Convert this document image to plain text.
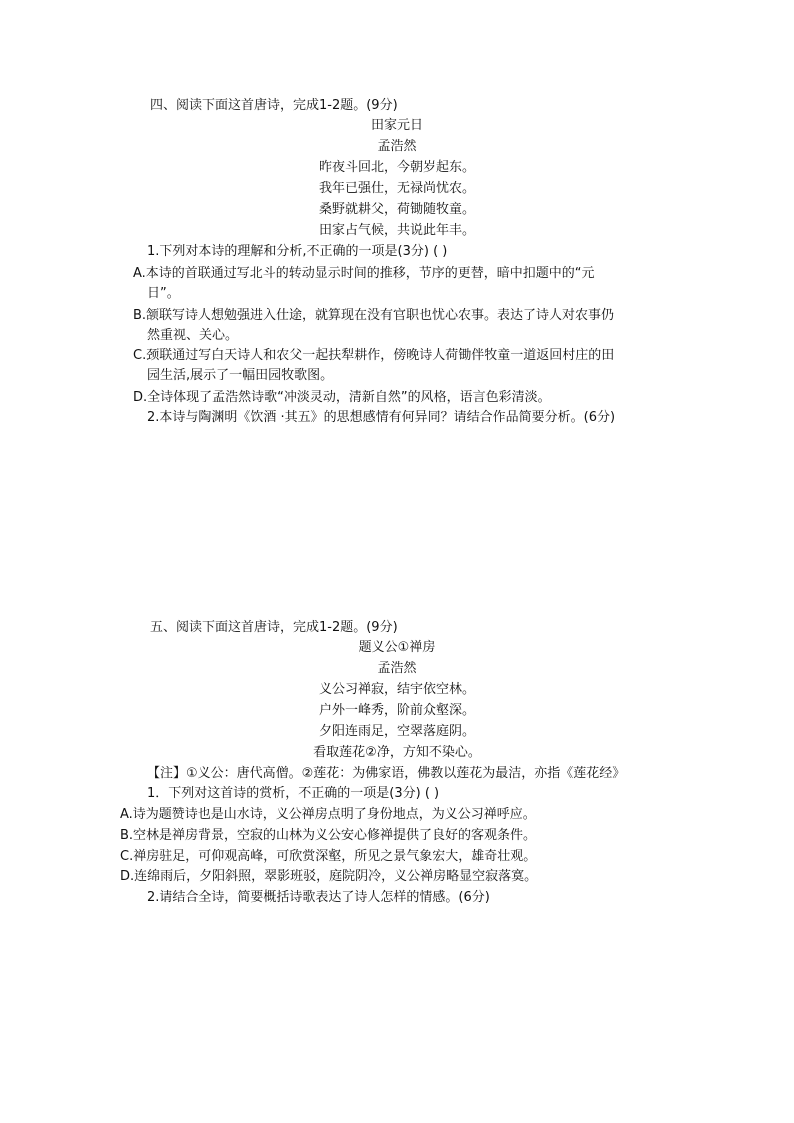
四、阅读下面这首唐诗，完成1-2题。(9分)
田家元日
孟浩然
昨夜斗回北，今朝岁起东。
我年已强仕，无禄尚忧农。
桑野就耕父，荷锄随牧童。
田家占气候，共说此年丰。
1.下列对本诗的理解和分析,不正确的一项是(3分) ( )
A.本诗的首联通过写北斗的转动显示时间的推移，节序的更替，暗中扣题中的“元
日”。
B.颔联写诗人想勉强进入仕途，就算现在没有官职也忧心农事。表达了诗人对农事仍
然重视、关心。
C.颈联通过写白天诗人和农父一起扶犁耕作，傍晚诗人荷锄伴牧童一道返回村庄的田
园生活,展示了一幅田园牧歌图。
D.全诗体现了孟浩然诗歌“冲淡灵动，清新自然”的风格，语言色彩清淡。
2.本诗与陶渊明《饮酒 ·其五》的思想感情有何异同？请结合作品简要分析。(6分)
五、阅读下面这首唐诗，完成1-2题。(9分)
题义公①禅房
孟浩然
义公习禅寂，结宇依空林。
户外一峰秀，阶前众壑深。
夕阳连雨足，空翠落庭阴。
看取莲花②净，方知不染心。
【注】①义公：唐代高僧。②莲花：为佛家语，佛教以莲花为最洁，亦指《莲花经》
1．下列对这首诗的赏析，不正确的一项是(3分) ( )
A.诗为题赞诗也是山水诗，义公禅房点明了身份地点，为义公习禅呼应。
B.空林是禅房背景，空寂的山林为义公安心修禅提供了良好的客观条件。
C.禅房驻足，可仰观高峰，可欣赏深壑，所见之景气象宏大，雄奇壮观。
D.连绵雨后，夕阳斜照，翠影班驳，庭院阴冷，义公禅房略显空寂落寞。
2.请结合全诗，简要概括诗歌表达了诗人怎样的情感。(6分)
